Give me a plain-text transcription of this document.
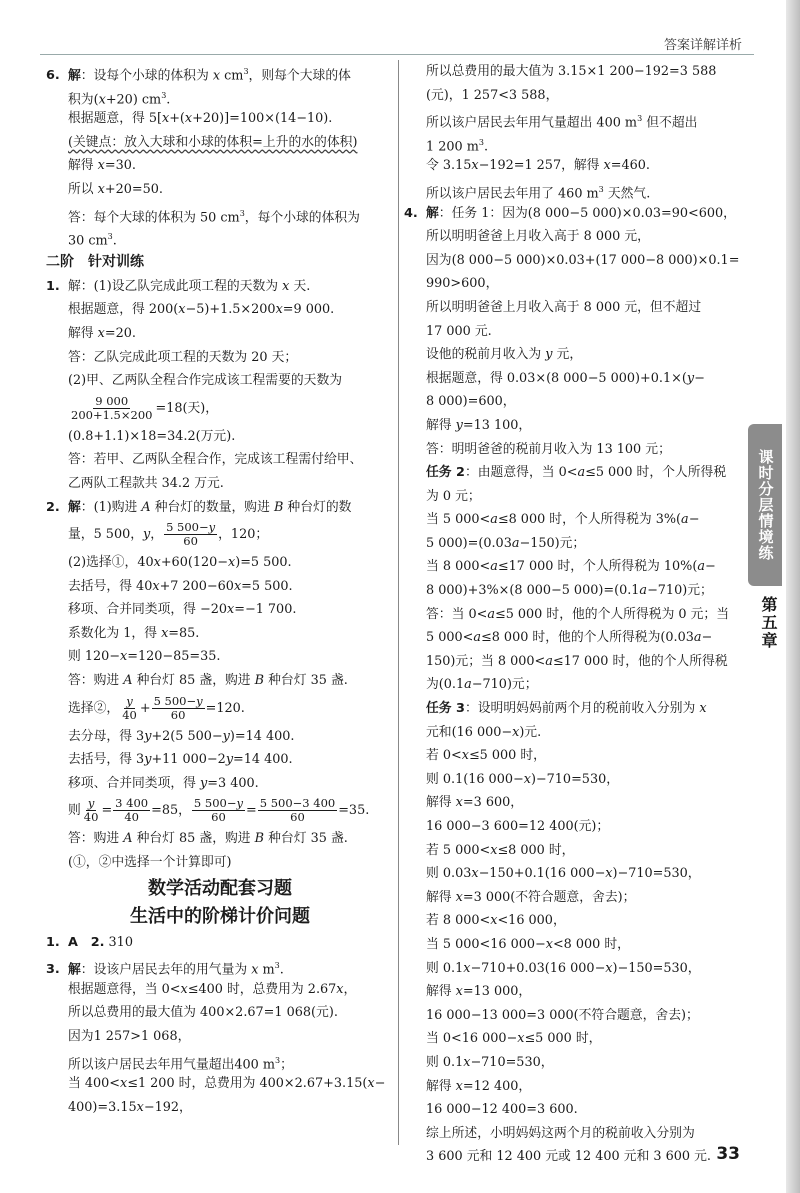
答案详解详析
6. 解：设每个小球的体积为 x $cm^3$，则每个大球的体
积为(x+20) $cm^3$.
根据题意，得 5[x+(x+20)]=100×(14−10).
(关键点：放入大球和小球的体积=上升的水的体积)
解得 x=30.
所以 x+20=50.
答：每个大球的体积为 50 $cm^3$，每个小球的体积为
30 $cm^3$.
二阶　针对训练
1. 解：(1)设乙队完成此项工程的天数为 x 天.
根据题意，得 200(x−5)+1.5×200x=9 000.
解得 x=20.
答：乙队完成此项工程的天数为 20 天；
(2)甲、乙两队全程合作完成该工程需要的天数为
$\frac{9 000}{200+1.5\times 200} =18$(天)，
(0.8+1.1)×18=34.2(万元).
答：若甲、乙两队全程合作，完成该工程需付给甲、
乙两队工程款共 34.2 万元.
2. 解：(1)购进 A 种台灯的数量，购进 B 种台灯的数
量，5 500，y， $\frac{5 500-y}{60}$ ，120；
(2)选择①，40x+60(120−x)=5 500.
去括号，得 40x+7 200−60x=5 500.
移项、合并同类项，得 −20x=−1 700.
系数化为 1，得 x=85.
则 120−x=120−85=35.
答：购进 A 种台灯 85 盏，购进 B 种台灯 35 盏.
选择②， $\frac{y}{40} + \frac{5 500-y}{60} =120$.
去分母，得 3y+2(5 500−y)=14 400.
去括号，得 3y+11 000−2y=14 400.
移项、合并同类项，得 y=3 400.
则 $\frac{y}{40} = \frac{3 400}{40} =85$， $\frac{5 500-y}{60} = \frac{5 500-3 400}{60} =35$.
答：购进 A 种台灯 85 盏，购进 B 种台灯 35 盏.
(①，②中选择一个计算即可)
数学活动配套习题
生活中的阶梯计价问题
1. A　 2. 310
3. 解：设该户居民去年的用气量为 x $m^3$.
根据题意得，当 0<x≤400 时，总费用为 2.67x，
所以总费用的最大值为 400×2.67=1 068(元).
因为1 257>1 068，
所以该户居民去年用气量超出400 $m^3$；
当 400<x≤1 200 时，总费用为 400×2.67+3.15(x−
400)=3.15x−192，
所以总费用的最大值为 3.15×1 200−192=3 588
(元)，1 257<3 588，
所以该户居民去年用气量超出 400 $m^3$ 但不超出
1 200 $m^3$.
令 3.15x−192=1 257，解得 x=460.
所以该户居民去年用了 460 $m^3$ 天然气.
4. 解：任务 1：因为(8 000−5 000)×0.03=90<600，
所以明明爸爸上月收入高于 8 000 元，
因为(8 000−5 000)×0.03+(17 000−8 000)×0.1=
990>600，
所以明明爸爸上月收入高于 8 000 元，但不超过
17 000 元.
设他的税前月收入为 y 元，
根据题意，得 0.03×(8 000−5 000)+0.1×(y−
8 000)=600，
解得 y=13 100，
答：明明爸爸的税前月收入为 13 100 元；
任务 2：由题意得，当 0<a≤5 000 时，个人所得税
为 0 元；
当 5 000<a≤8 000 时，个人所得税为 3%(a−
5 000)=(0.03a−150)元；
当 8 000<a≤17 000 时，个人所得税为 10%(a−
8 000)+3%×(8 000−5 000)=(0.1a−710)元；
答：当 0<a≤5 000 时，他的个人所得税为 0 元；当
5 000<a≤8 000 时，他的个人所得税为(0.03a−
150)元；当 8 000<a≤17 000 时，他的个人所得税
为(0.1a−710)元；
任务 3：设明明妈妈前两个月的税前收入分别为 x
元和(16 000−x)元.
若 0<x≤5 000 时，
则 0.1(16 000−x)−710=530，
解得 x=3 600，
16 000−3 600=12 400(元)；
若 5 000<x≤8 000 时，
则 0.03x−150+0.1(16 000−x)−710=530，
解得 x=3 000(不符合题意，舍去)；
若 8 000<x<16 000，
当 5 000<16 000−x<8 000 时，
则 0.1x−710+0.03(16 000−x)−150=530，
解得 x=13 000，
16 000−13 000=3 000(不符合题意，舍去)；
当 0<16 000−x≤5 000 时，
则 0.1x−710=530，
解得 x=12 400，
16 000−12 400=3 600.
综上所述，小明妈妈这两个月的税前收入分别为
3 600 元和 12 400 元或 12 400 元和 3 600 元.
课时分层情境练
第五章
33
